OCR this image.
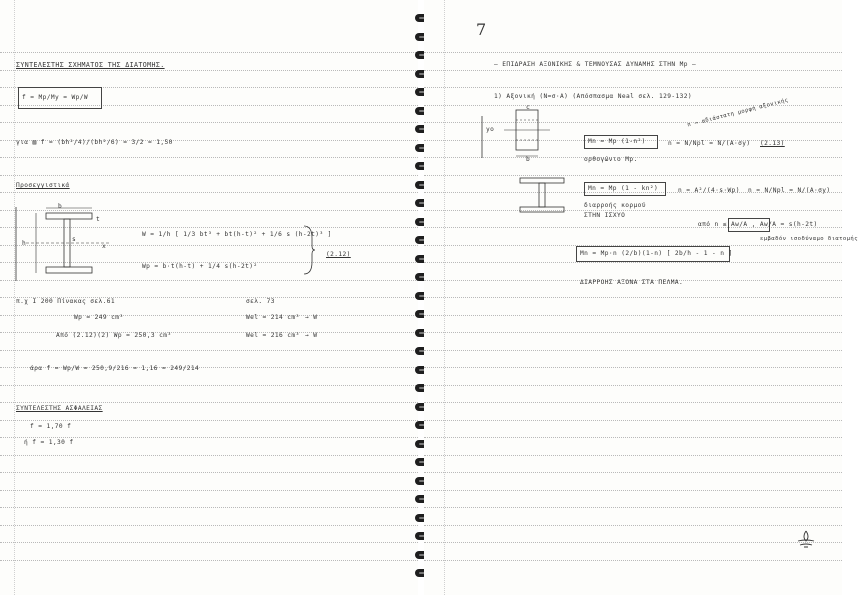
ΣΥΝΤΕΛΕΣΤΗΣ ΣΧΗΜΑΤΟΣ ΤΗΣ ΔΙΑΤΟΜΗΣ.
f = Mp/My = Wp/W
για ▨ f = (bh²/4)/(bh²/6) = 3/2 = 1,50
Προσεγγιστικά
b
h
t
s
x
W = 1/h [ 1/3 bt³ + bt(h-t)² + 1/6 s (h-2t)³ ]
Wp = b·t(h-t) + 1/4 s(h-2t)²
(2.12)
π.χ I 200 Πίνακας σελ.61	σελ. 73
Wp = 249 cm³	Wel = 214 cm³ → W
Από (2.12)(2) Wp = 250,3 cm³	Wel = 216 cm³ → W
άρα f = Wp/W = 250,9/216 = 1,16 = 249/214
ΣΥΝΤΕΛΕΣΤΗΣ ΑΣΦΑΛΕΙΑΣ
f = 1,70 f
ή f = 1,30 f
7
— ΕΠΙΔΡΑΣΗ ΑΞΟΝΙΚΗΣ & ΤΕΜΝΟΥΣΑΣ ΔΥΝΑΜΗΣ ΣΤΗΝ Mp —
1) Αξονική (N=σ·A) (Απόσπασμα Neal σελ. 129-132)
n → αδιάστατη μορφή αξονικής
c
yo
b
Mn = Mp (1-n²)	n = N/Npl = N/(A·σy) (2.13)
ορθογώνιο Mp.
Mn = Mp (1 - kn²)	n = A²/(4·s·Wp) n = N/Npl = N/(A·σy)
διαρροής κορμού
ΣΤΗΝ ΙΣΧΥΟ
από n ≤ Aw/A , Aw/A = s(h-2t)
εμβαδόν ισοδύναμο διατομής
Mn = Mp·n (2/b)(1-n) [ 2b/h - 1 - n ]
ΔΙΑΡΡΟΗΣ ΑΞΟΝΑ ΣΤΑ ΠΕΛΜΑ.
